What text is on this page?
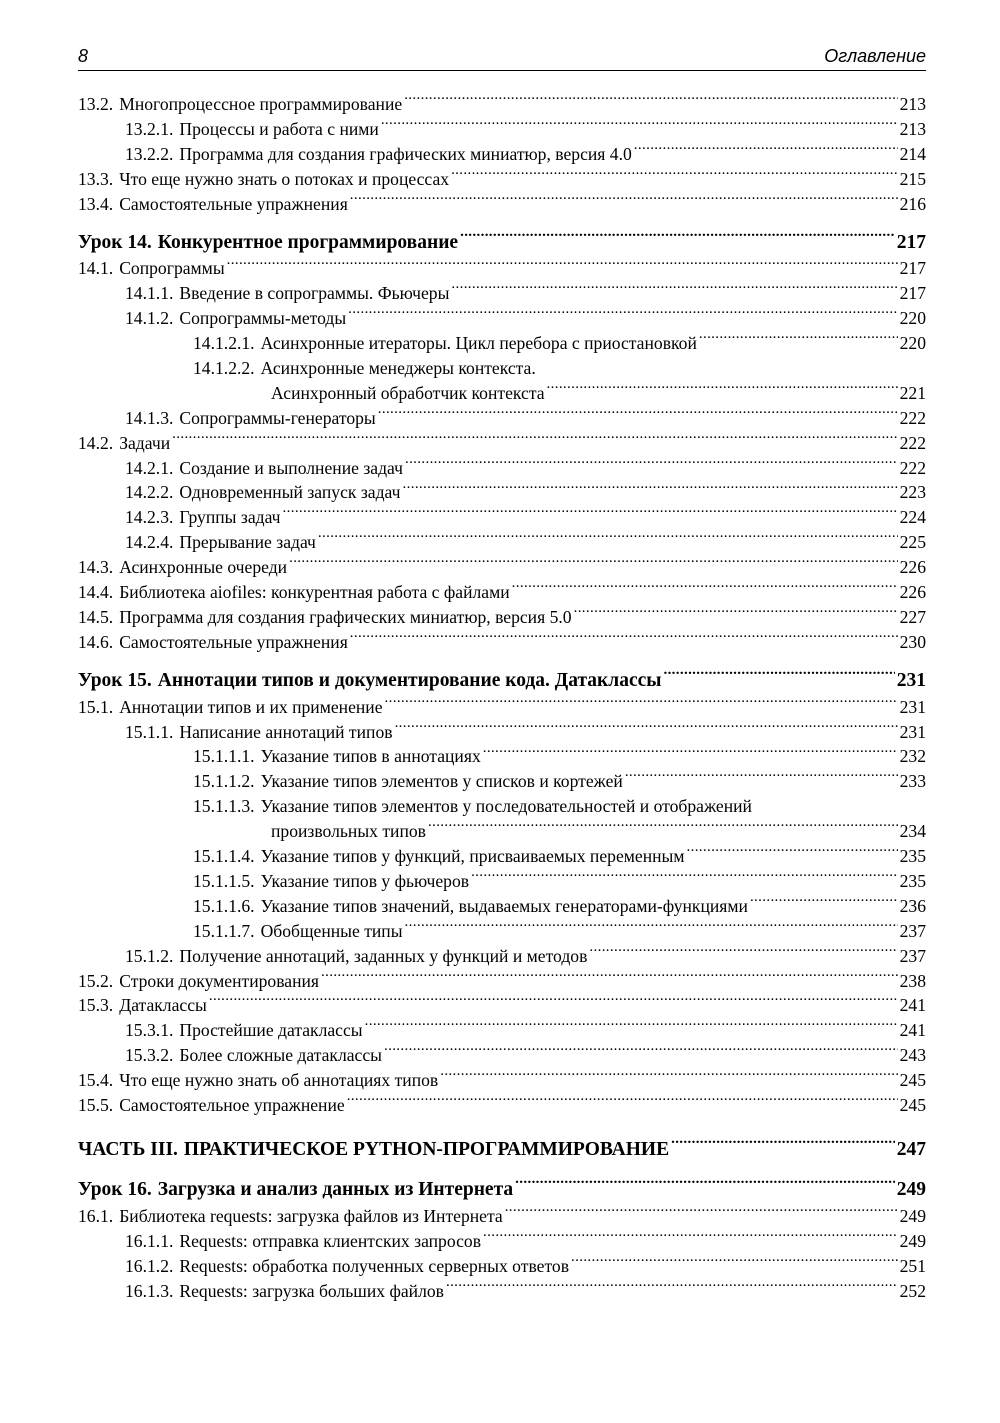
8	Оглавление
13.2. Многопроцессное программирование . . .	213
13.2.1. Процессы и работа с ними . . .	213
13.2.2. Программа для создания графических миниатюр, версия 4.0 . . .	214
13.3. Что еще нужно знать о потоках и процессах . . .	215
13.4. Самостоятельные упражнения . . .	216
Урок 14. Конкурентное программирование . . .	217
14.1. Сопрограммы . . .	217
14.1.1. Введение в сопрограммы. Фьючеры . . .	217
14.1.2. Сопрограммы-методы . . .	220
14.1.2.1. Асинхронные итераторы. Цикл перебора с приостановкой . . .	220
14.1.2.2. Асинхронные менеджеры контекста.
Асинхронный обработчик контекста . . .	221
14.1.3. Сопрограммы-генераторы . . .	222
14.2. Задачи . . .	222
14.2.1. Создание и выполнение задач . . .	222
14.2.2. Одновременный запуск задач . . .	223
14.2.3. Группы задач . . .	224
14.2.4. Прерывание задач . . .	225
14.3. Асинхронные очереди . . .	226
14.4. Библиотека aiofiles: конкурентная работа с файлами . . .	226
14.5. Программа для создания графических миниатюр, версия 5.0 . . .	227
14.6. Самостоятельные упражнения . . .	230
Урок 15. Аннотации типов и документирование кода. Датаклассы . . .	231
15.1. Аннотации типов и их применение . . .	231
15.1.1. Написание аннотаций типов . . .	231
15.1.1.1. Указание типов в аннотациях . . .	232
15.1.1.2. Указание типов элементов у списков и кортежей . . .	233
15.1.1.3. Указание типов элементов у последовательностей и отображений
произвольных типов . . .	234
15.1.1.4. Указание типов у функций, присваиваемых переменным . . .	235
15.1.1.5. Указание типов у фьючеров . . .	235
15.1.1.6. Указание типов значений, выдаваемых генераторами-функциями . . .	236
15.1.1.7. Обобщенные типы . . .	237
15.1.2. Получение аннотаций, заданных у функций и методов . . .	237
15.2. Строки документирования . . .	238
15.3. Датаклассы . . .	241
15.3.1. Простейшие датаклассы . . .	241
15.3.2. Более сложные датаклассы . . .	243
15.4. Что еще нужно знать об аннотациях типов . . .	245
15.5. Самостоятельное упражнение . . .	245
ЧАСТЬ III. ПРАКТИЧЕСКОЕ PYTHON-ПРОГРАММИРОВАНИЕ . . .	247
Урок 16. Загрузка и анализ данных из Интернета . . .	249
16.1. Библиотека requests: загрузка файлов из Интернета . . .	249
16.1.1. Requests: отправка клиентских запросов . . .	249
16.1.2. Requests: обработка полученных серверных ответов . . .	251
16.1.3. Requests: загрузка больших файлов . . .	252
